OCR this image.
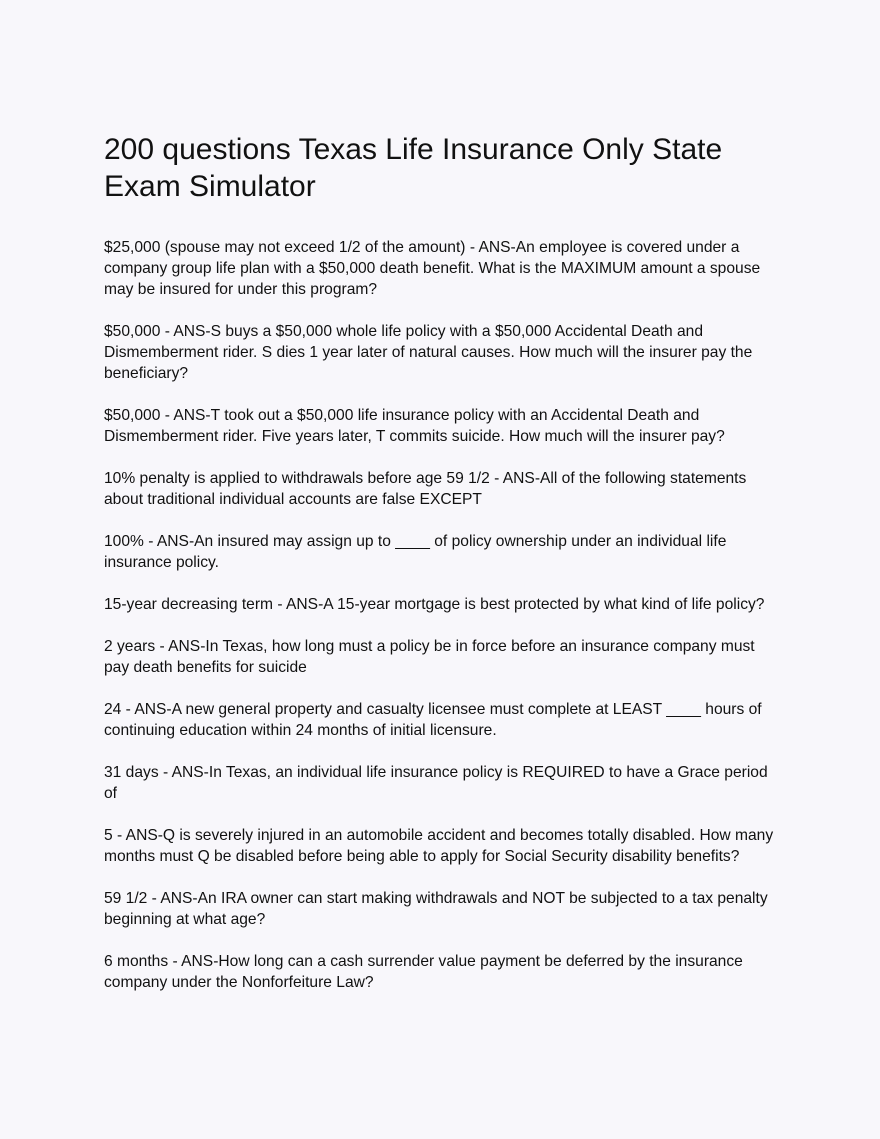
200 questions Texas Life Insurance Only State Exam Simulator
$25,000 (spouse may not exceed 1/2 of the amount) - ANS-An employee is covered under a company group life plan with a $50,000 death benefit. What is the MAXIMUM amount a spouse may be insured for under this program?
$50,000 - ANS-S buys a $50,000 whole life policy with a $50,000 Accidental Death and Dismemberment rider. S dies 1 year later of natural causes. How much will the insurer pay the beneficiary?
$50,000 - ANS-T took out a $50,000 life insurance policy with an Accidental Death and Dismemberment rider. Five years later, T commits suicide. How much will the insurer pay?
10% penalty is applied to withdrawals before age 59 1/2 - ANS-All of the following statements about traditional individual accounts are false EXCEPT
100% - ANS-An insured may assign up to ____ of policy ownership under an individual life insurance policy.
15-year decreasing term - ANS-A 15-year mortgage is best protected by what kind of life policy?
2 years - ANS-In Texas, how long must a policy be in force before an insurance company must pay death benefits for suicide
24 - ANS-A new general property and casualty licensee must complete at LEAST ____ hours of continuing education within 24 months of initial licensure.
31 days - ANS-In Texas, an individual life insurance policy is REQUIRED to have a Grace period of
5 - ANS-Q is severely injured in an automobile accident and becomes totally disabled. How many months must Q be disabled before being able to apply for Social Security disability benefits?
59 1/2 - ANS-An IRA owner can start making withdrawals and NOT be subjected to a tax penalty beginning at what age?
6 months - ANS-How long can a cash surrender value payment be deferred by the insurance company under the Nonforfeiture Law?
